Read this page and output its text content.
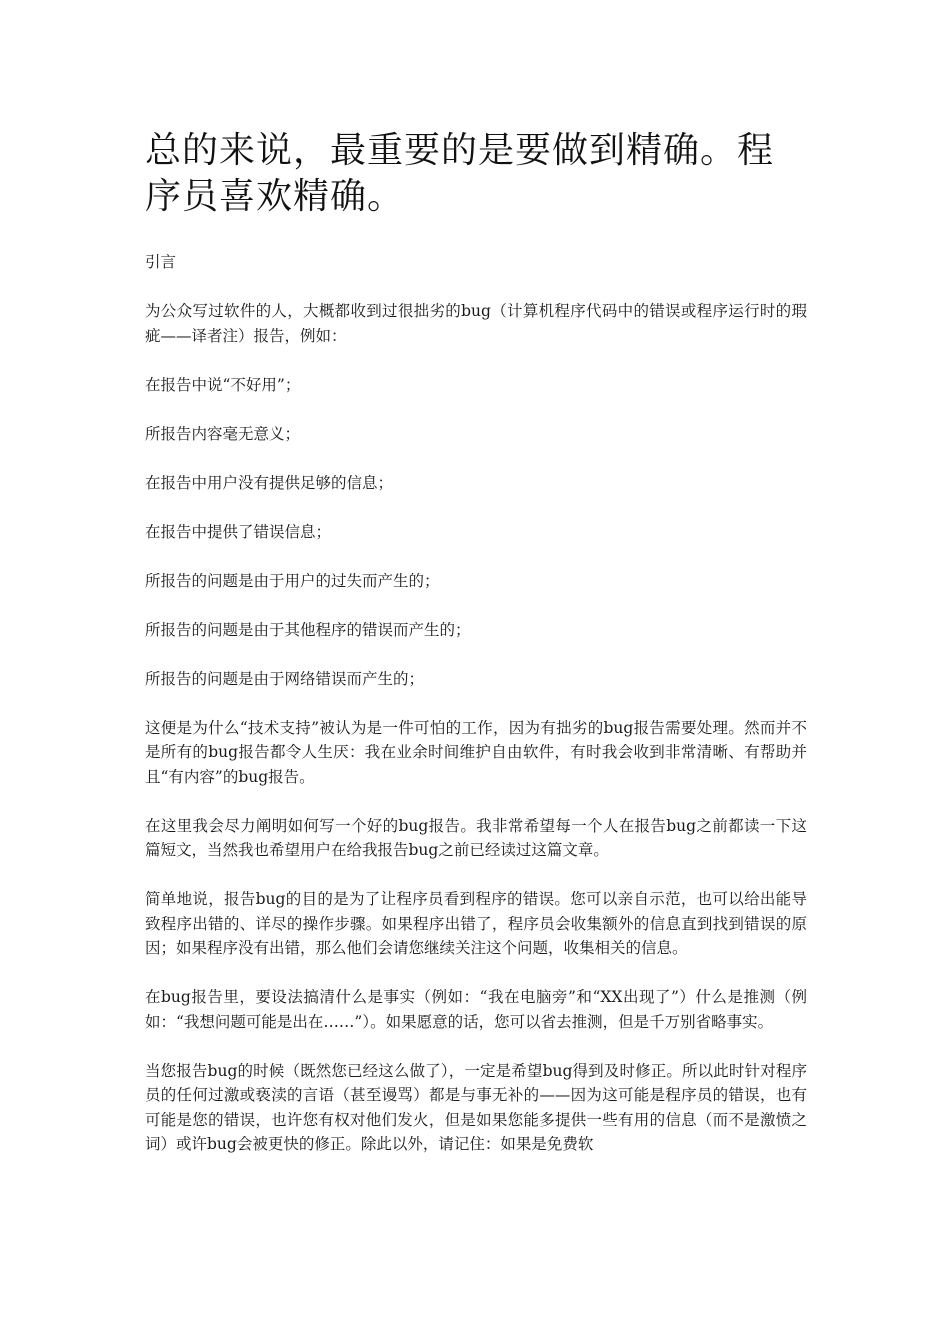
总的来说，最重要的是要做到精确。程序员喜欢精确。

引言

为公众写过软件的人，大概都收到过很拙劣的bug（计算机程序代码中的错误或程序运行时的瑕疵——译者注）报告，例如：

在报告中说“不好用”；

所报告内容毫无意义；

在报告中用户没有提供足够的信息；

在报告中提供了错误信息；

所报告的问题是由于用户的过失而产生的；

所报告的问题是由于其他程序的错误而产生的；

所报告的问题是由于网络错误而产生的；

这便是为什么“技术支持”被认为是一件可怕的工作，因为有拙劣的bug报告需要处理。然而并不是所有的bug报告都令人生厌：我在业余时间维护自由软件，有时我会收到非常清晰、有帮助并且“有内容”的bug报告。

在这里我会尽力阐明如何写一个好的bug报告。我非常希望每一个人在报告bug之前都读一下这篇短文，当然我也希望用户在给我报告bug之前已经读过这篇文章。

简单地说，报告bug的目的是为了让程序员看到程序的错误。您可以亲自示范，也可以给出能导致程序出错的、详尽的操作步骤。如果程序出错了，程序员会收集额外的信息直到找到错误的原因；如果程序没有出错，那么他们会请您继续关注这个问题，收集相关的信息。

在bug报告里，要设法搞清什么是事实（例如：“我在电脑旁”和“XX出现了”）什么是推测（例如：“我想问题可能是出在……”）。如果愿意的话，您可以省去推测，但是千万别省略事实。

当您报告bug的时候（既然您已经这么做了），一定是希望bug得到及时修正。所以此时针对程序员的任何过激或亵渎的言语（甚至谩骂）都是与事无补的——因为这可能是程序员的错误，也有可能是您的错误，也许您有权对他们发火，但是如果您能多提供一些有用的信息（而不是激愤之词）或许bug会被更快的修正。除此以外，请记住：如果是免费软
